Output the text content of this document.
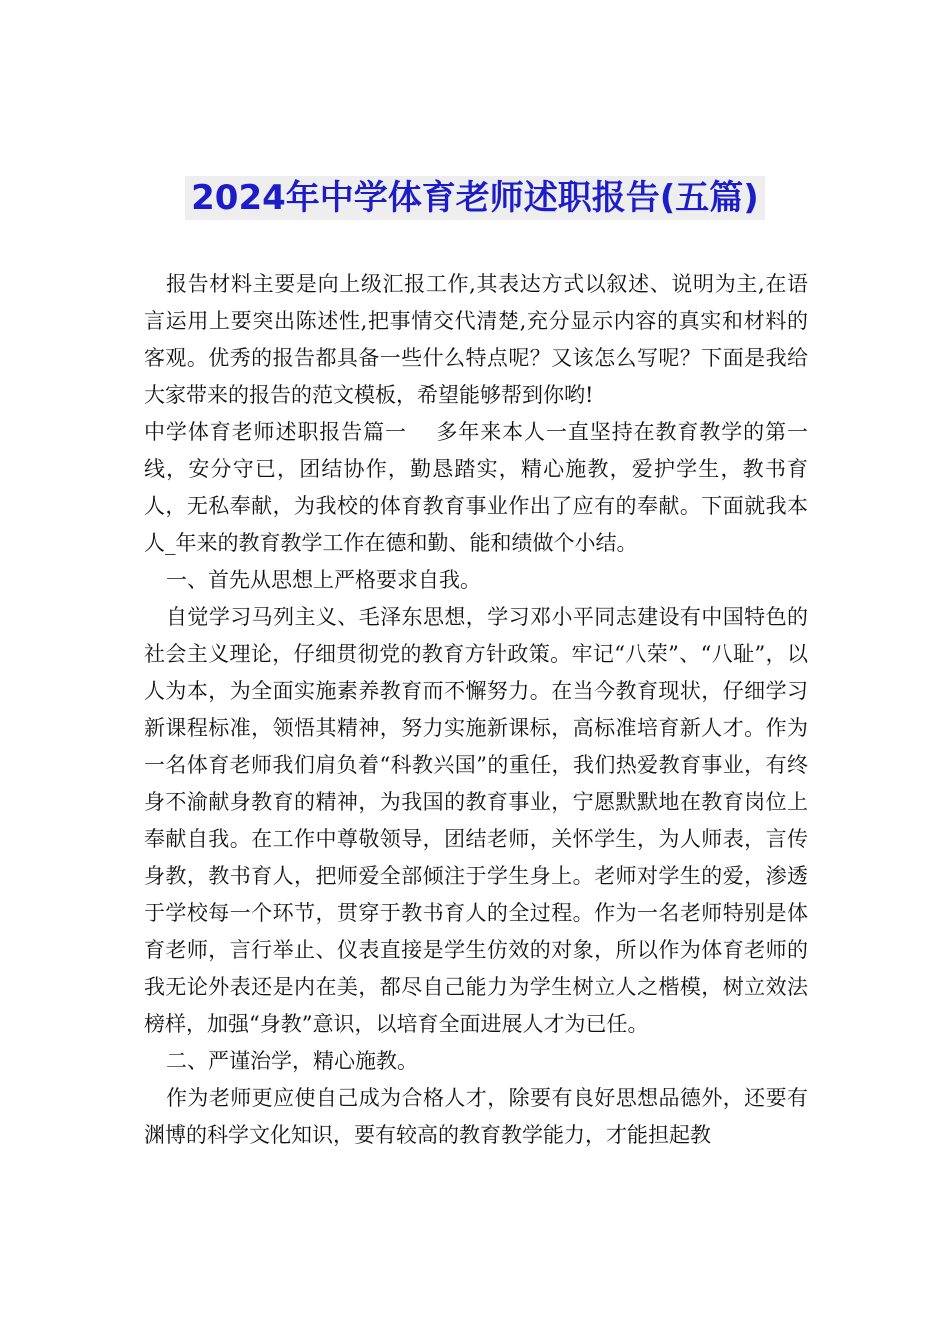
2024年中学体育老师述职报告(五篇)

报告材料主要是向上级汇报工作,其表达方式以叙述、说明为主,在语言运用上要突出陈述性,把事情交代清楚,充分显示内容的真实和材料的客观。优秀的报告都具备一些什么特点呢？又该怎么写呢？下面是我给大家带来的报告的范文模板，希望能够帮到你哟!

中学体育老师述职报告篇一　 多年来本人一直坚持在教育教学的第一线，安分守已，团结协作，勤恳踏实，精心施教，爱护学生，教书育人，无私奉献，为我校的体育教育事业作出了应有的奉献。下面就我本人_年来的教育教学工作在德和勤、能和绩做个小结。

一、首先从思想上严格要求自我。

自觉学习马列主义、毛泽东思想，学习邓小平同志建设有中国特色的社会主义理论，仔细贯彻党的教育方针政策。牢记“八荣”、“八耻”，以人为本，为全面实施素养教育而不懈努力。在当今教育现状，仔细学习新课程标准，领悟其精神，努力实施新课标，高标准培育新人才。作为一名体育老师我们肩负着“科教兴国”的重任，我们热爱教育事业，有终身不渝献身教育的精神，为我国的教育事业，宁愿默默地在教育岗位上奉献自我。在工作中尊敬领导，团结老师，关怀学生，为人师表，言传身教，教书育人，把师爱全部倾注于学生身上。老师对学生的爱，渗透于学校每一个环节，贯穿于教书育人的全过程。作为一名老师特别是体育老师，言行举止、仪表直接是学生仿效的对象，所以作为体育老师的我无论外表还是内在美，都尽自己能力为学生树立人之楷模，树立效法榜样，加强“身教”意识，以培育全面进展人才为已任。

二、严谨治学，精心施教。

作为老师更应使自己成为合格人才，除要有良好思想品德外，还要有渊博的科学文化知识，要有较高的教育教学能力，才能担起教
